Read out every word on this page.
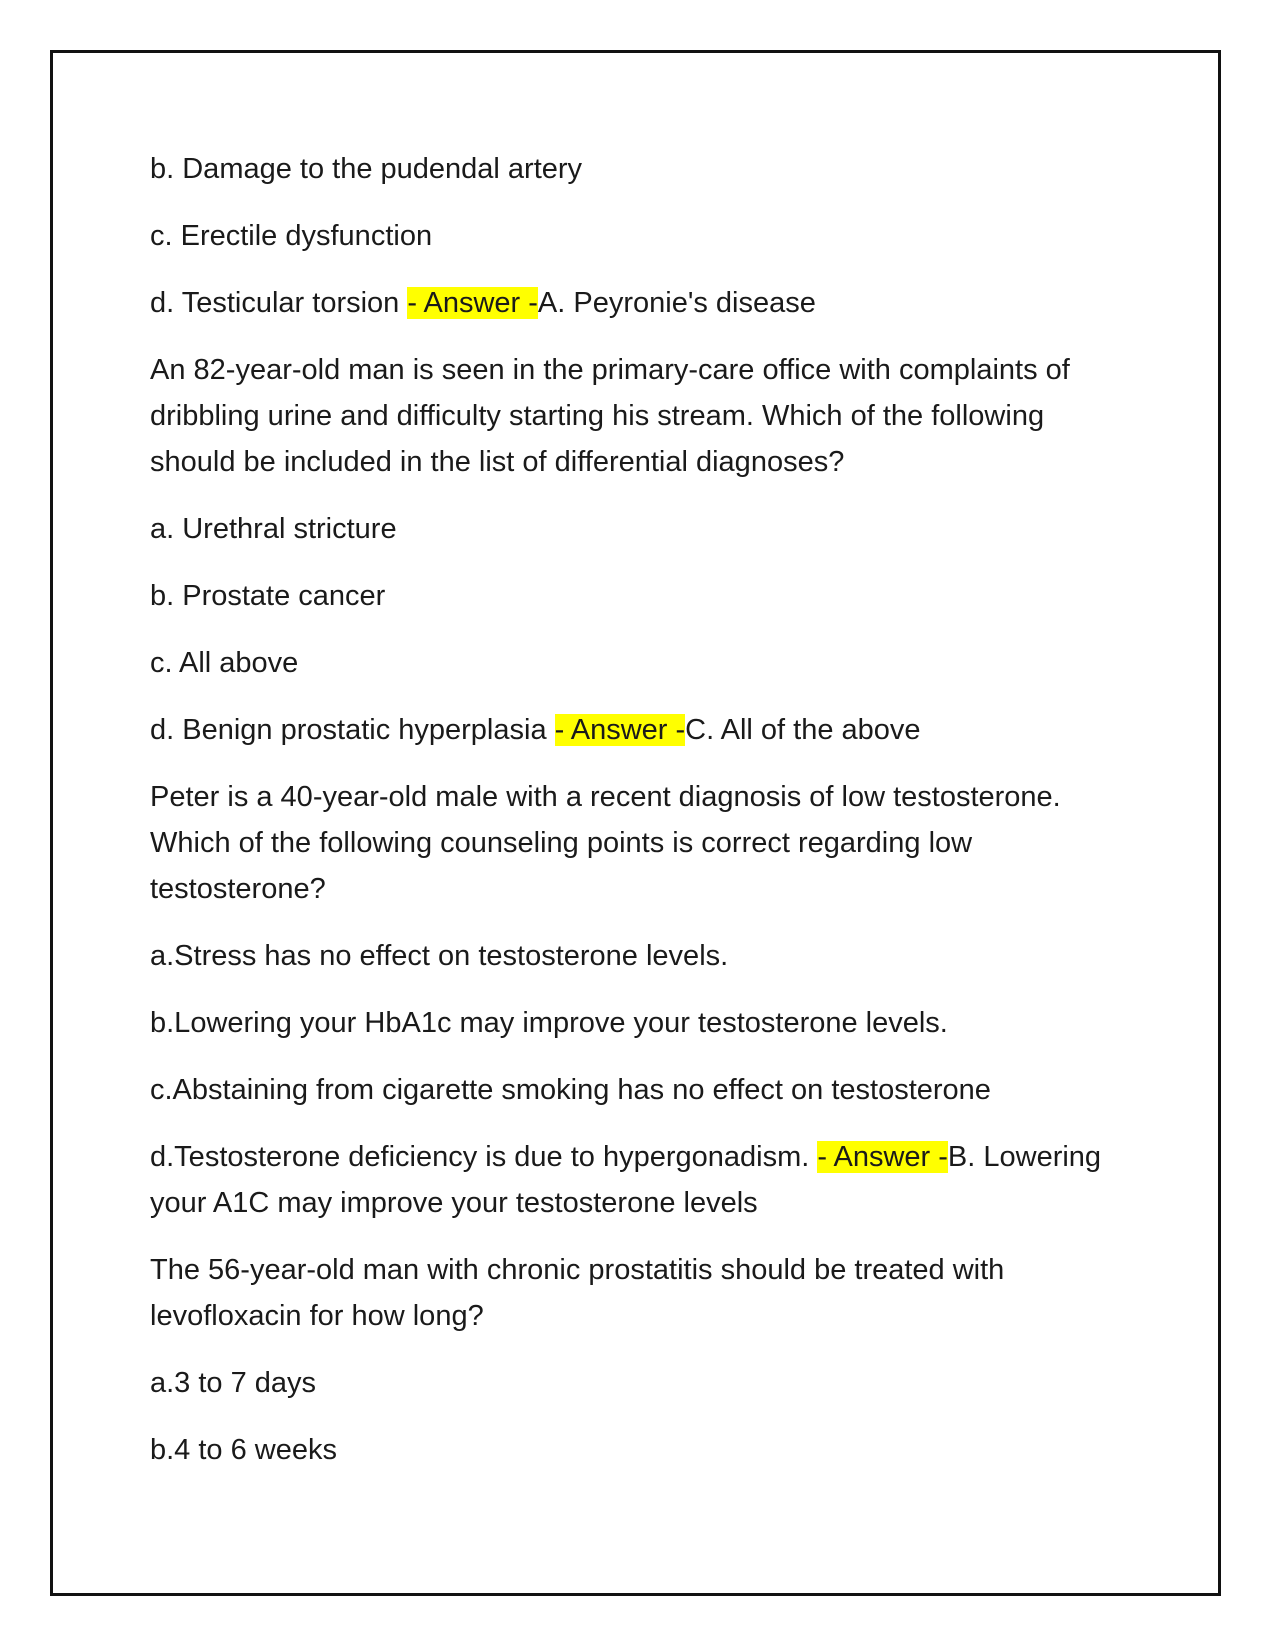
b. Damage to the pudendal artery

c. Erectile dysfunction

d. Testicular torsion - Answer -A. Peyronie's disease

An 82-year-old man is seen in the primary-care office with complaints of dribbling urine and difficulty starting his stream. Which of the following should be included in the list of differential diagnoses?

a. Urethral stricture

b. Prostate cancer

c. All above

d. Benign prostatic hyperplasia - Answer -C. All of the above

Peter is a 40-year-old male with a recent diagnosis of low testosterone. Which of the following counseling points is correct regarding low testosterone?

a.Stress has no effect on testosterone levels.

b.Lowering your HbA1c may improve your testosterone levels.

c.Abstaining from cigarette smoking has no effect on testosterone

d.Testosterone deficiency is due to hypergonadism. - Answer -B. Lowering your A1C may improve your testosterone levels

The 56-year-old man with chronic prostatitis should be treated with levofloxacin for how long?

a.3 to 7 days

b.4 to 6 weeks
